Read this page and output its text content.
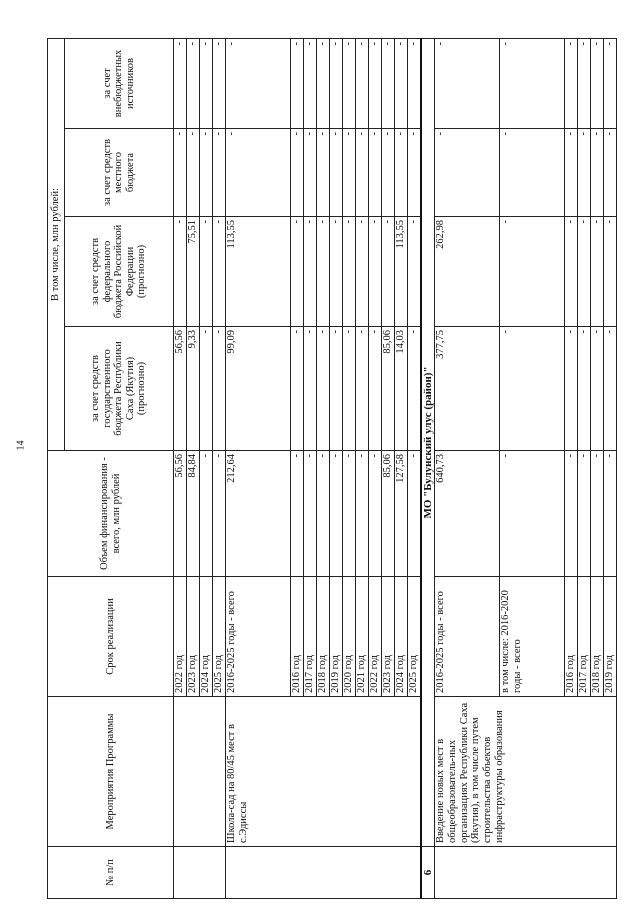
14
№ п/п	Мероприятия Программы	Срок реализации	Объем финансирования - всего, млн рублей	В том числе, млн рублей:			
				за счет средств государственного бюджета Республики Саха (Якутия) (прогнозно)	за счет средств федерального бюджета Российской Федерации (прогнозно)	за счет средств местного бюджета	за счет внебюджетных источников
		2022 год	56,56	56,56	-	-	-
		2023 год	84,84	9,33	75,51	-	-
		2024 год	-	-	-	-	-
		2025 год	-	-	-	-	-
	Школа-сад на 80/45 мест в с.Эдиссы	2016-2025 годы - всего	212,64	99,09	113,55	-	-
		2016 год	-	-	-	-	-
		2017 год	-	-	-	-	-
		2018 год	-	-	-	-	-
		2019 год	-	-	-	-	-
		2020 год	-	-	-	-	-
		2021 год	-	-	-	-	-
		2022 год	-	-	-	-	-
		2023 год	85,06	85,06	-	-	-
		2024 год	127,58	14,03	113,55	-	-
		2025 год	-	-	-	-	-
6	МО "Булунский улус (район)"						
	Введение новых мест в общеобразователь-ных организациях Республики Саха (Якутия), в том числе путем строительства объектов инфраструктуры образования	2016-2025 годы - всего	640,73	377,75	262,98	-	-
		в том числе: 2016-2020 годы - всего	-	-	-	-	-
		2016 год	-	-	-	-	-
		2017 год	-	-	-	-	-
		2018 год	-	-	-	-	-
		2019 год	-	-	-	-	-
